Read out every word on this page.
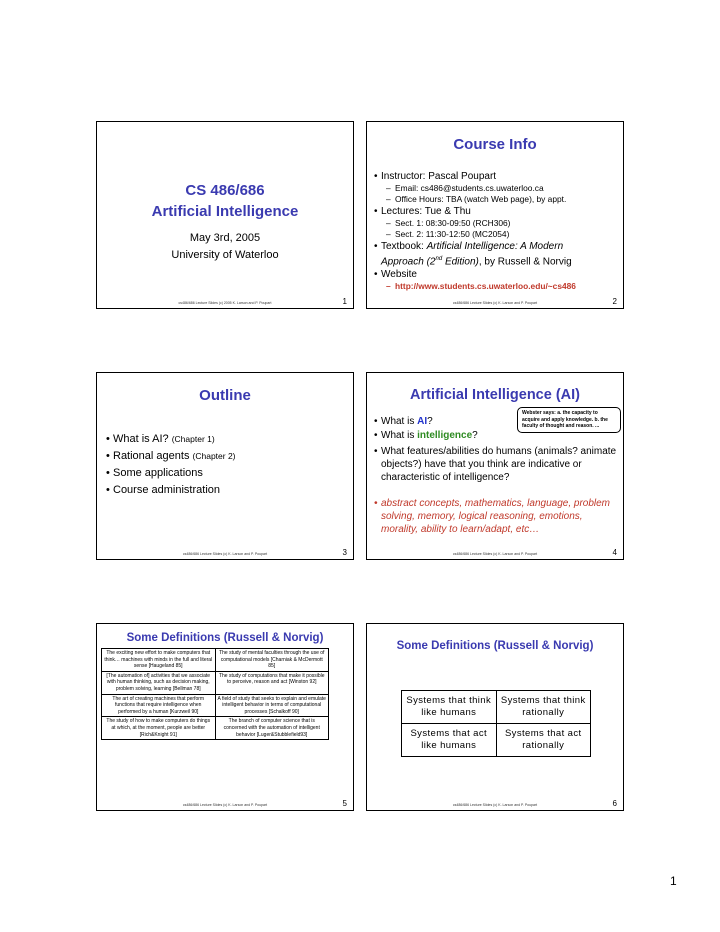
CS 486/686
Artificial Intelligence
May 3rd, 2005
University of Waterloo
cs486/686 Lecture Slides (c) 2005 K. Larson and P. Poupart	1
Course Info
• Instructor: Pascal Poupart
– Email: cs486@students.cs.uwaterloo.ca
– Office Hours: TBA (watch Web page), by appt.
• Lectures: Tue & Thu
– Sect. 1: 08:30-09:50 (RCH306)
– Sect. 2: 11:30-12:50 (MC2054)
• Textbook: Artificial Intelligence: A Modern
Approach (2nd Edition), by Russell & Norvig
• Website
– http://www.students.cs.uwaterloo.edu/~cs486
cs486/686 Lecture Slides (c) K. Larson and P. Poupart	2
Outline
• What is AI? (Chapter 1)
• Rational agents (Chapter 2)
• Some applications
• Course administration
cs486/686 Lecture Slides (c) K. Larson and P. Poupart	3
Artificial Intelligence (AI)
Webster says: a. the capacity to acquire and apply knowledge. b. the faculty of thought and reason. ...
• What is AI?
• What is intelligence?
• What features/abilities do humans (animals? animate objects?) have that you think are indicative or characteristic of intelligence?
• abstract concepts, mathematics, language, problem solving, memory, logical reasoning, emotions, morality, ability to learn/adapt, etc…
cs486/686 Lecture Slides (c) K. Larson and P. Poupart	4
Some Definitions (Russell & Norvig)
The exciting new effort to make computers that think… machines with minds in the full and literal sense [Haugeland 85]	The study of mental faculties through the use of computational models [Charniak & McDermott 85]
[The automation of] activities that we associate with human thinking, such as decision making, problem solving, learning [Bellman 78]	The study of computations that make it possible to perceive, reason and act [Winston 92]
The art of creating machines that perform functions that require intelligence when performed by a human [Kurzweil 90]	A field of study that seeks to explain and emulate intelligent behavior in terms of computational processes [Schalkoff 90]
The study of how to make computers do things at which, at the moment, people are better [Rich&Knight 91]	The branch of computer science that is concerned with the automation of intelligent behavior [Luger&Stubblefield93]
cs486/686 Lecture Slides (c) K. Larson and P. Poupart	5
Some Definitions (Russell & Norvig)
Systems that think like humans	Systems that think rationally
Systems that act like humans	Systems that act rationally
cs486/686 Lecture Slides (c) K. Larson and P. Poupart	6
1
